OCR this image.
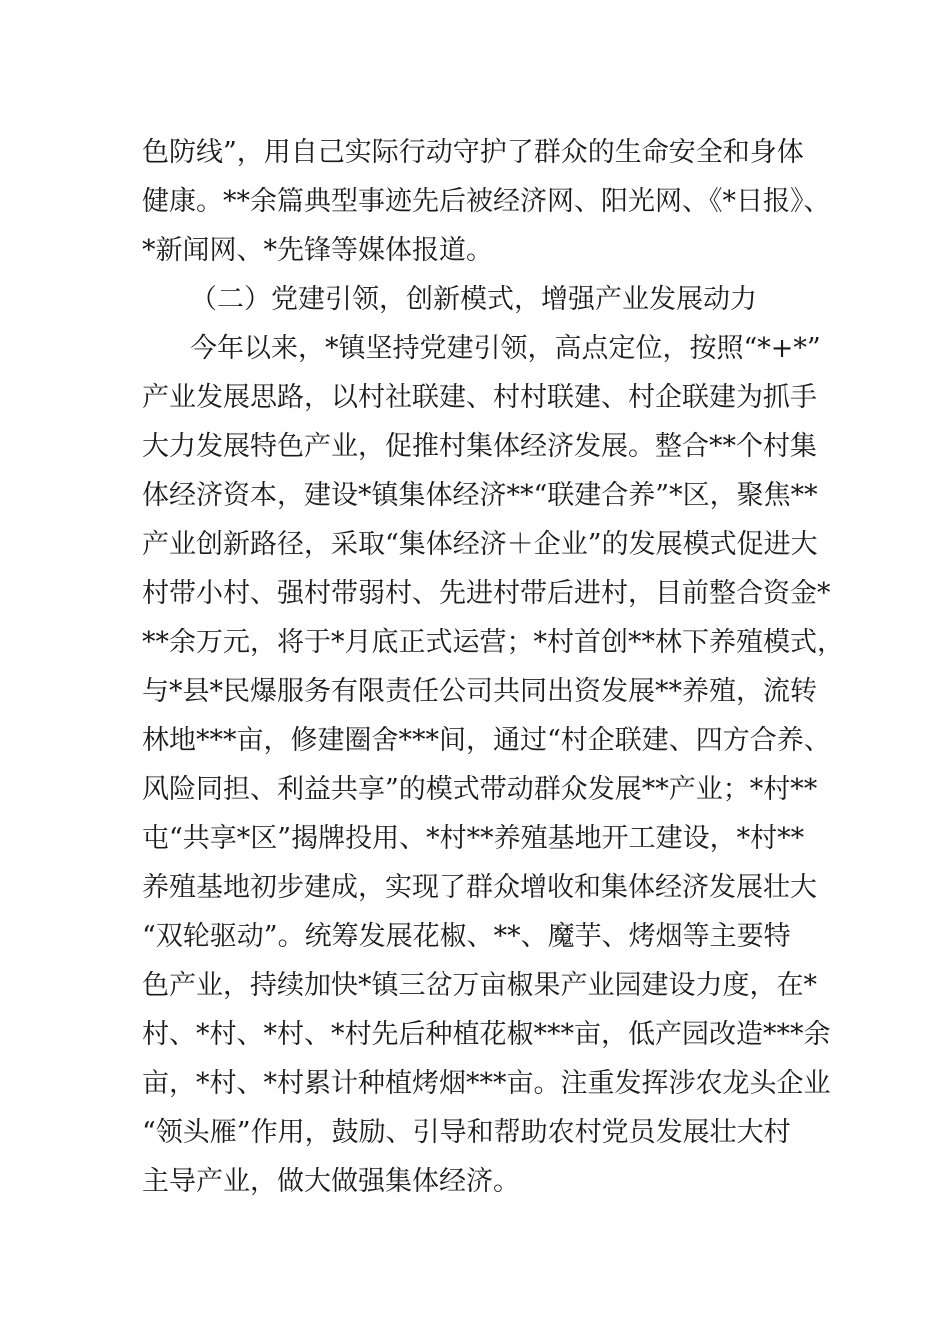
色防线”，用自己实际行动守护了群众的生命安全和身体
健康。**余篇典型事迹先后被经济网、阳光网、《*日报》、
*新闻网、*先锋等媒体报道。
（二）党建引领，创新模式，增强产业发展动力
今年以来，*镇坚持党建引领，高点定位，按照“*+*”
产业发展思路，以村社联建、村村联建、村企联建为抓手
大力发展特色产业，促推村集体经济发展。整合**个村集
体经济资本，建设*镇集体经济**“联建合养”*区，聚焦**
产业创新路径，采取“集体经济＋企业”的发展模式促进大
村带小村、强村带弱村、先进村带后进村，目前整合资金*
**余万元，将于*月底正式运营；*村首创**林下养殖模式，
与*县*民爆服务有限责任公司共同出资发展**养殖，流转
林地***亩，修建圈舍***间，通过“村企联建、四方合养、
风险同担、利益共享”的模式带动群众发展**产业；*村**
屯“共享*区”揭牌投用、*村**养殖基地开工建设，*村**
养殖基地初步建成，实现了群众增收和集体经济发展壮大
“双轮驱动”。统筹发展花椒、**、魔芋、烤烟等主要特
色产业，持续加快*镇三岔万亩椒果产业园建设力度，在*
村、*村、*村、*村先后种植花椒***亩，低产园改造***余
亩，*村、*村累计种植烤烟***亩。注重发挥涉农龙头企业
“领头雁”作用，鼓励、引导和帮助农村党员发展壮大村
主导产业，做大做强集体经济。
